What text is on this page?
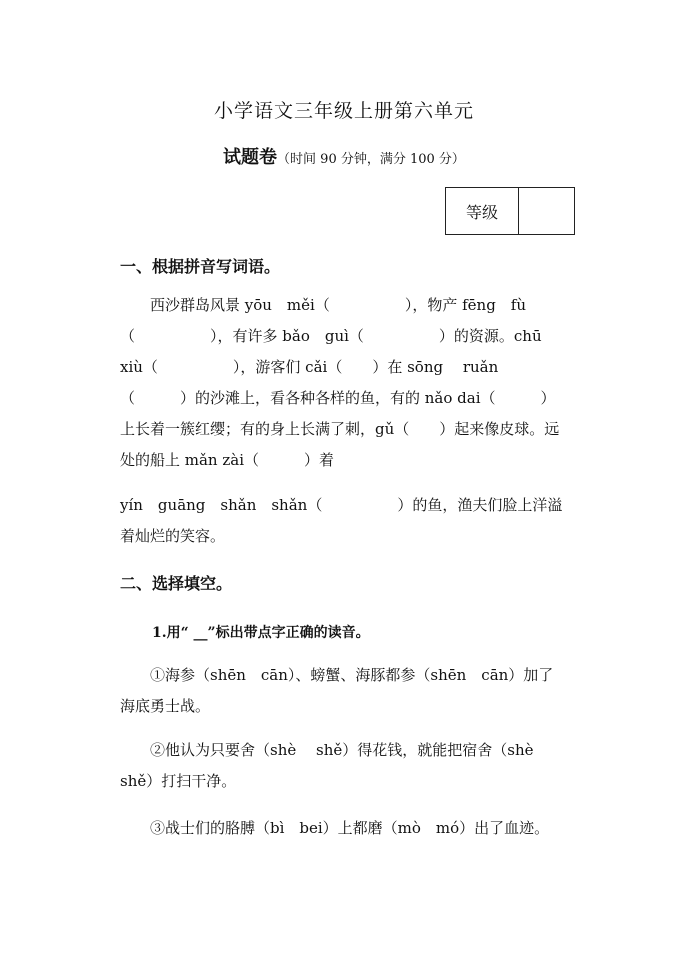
小学语文三年级上册第六单元
试题卷（时间 90 分钟，满分 100 分）
等级
一、根据拼音写词语。
　　西沙群岛风景 yōu　měi（　　　　　），物产 fēng　fù
（　　　　　），有许多 bǎo　guì（　　　　　）的资源。chū
xiù（　　　　　），游客们 cǎi（　　）在 sōng　 ruǎn
（　　　）的沙滩上，看各种各样的鱼，有的 nǎo dai（　　　）
上长着一簇红缨；有的身上长满了刺，gǔ（　　）起来像皮球。远
处的船上 mǎn zài（　　　）着
yín　guāng　shǎn　shǎn（　　　　　）的鱼，渔夫们脸上洋溢
着灿烂的笑容。
二、选择填空。
1.用“ __”标出带点字正确的读音。
　　①海参（shēn　cān）、螃蟹、海豚都参（shēn　cān）加了
海底勇士战。
　　②他认为只要舍（shè　 shě）得花钱，就能把宿舍（shè
shě）打扫干净。
　　③战士们的胳膊（bì　bei）上都磨（mò　mó）出了血迹。
